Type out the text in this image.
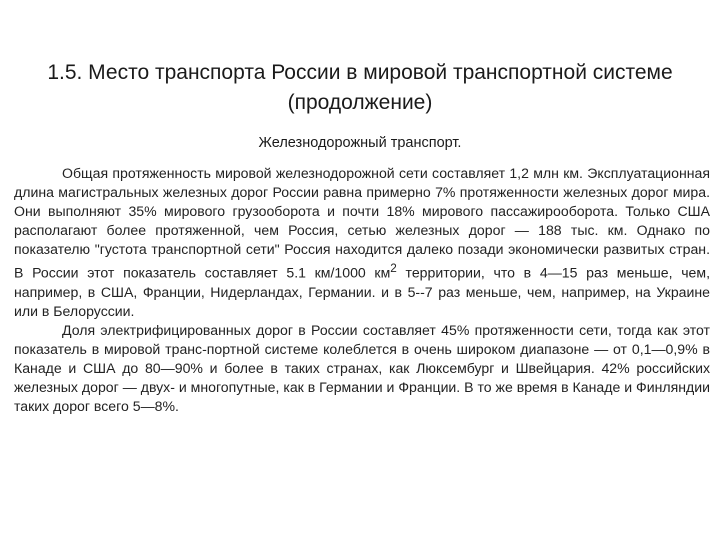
1.5. Место транспорта России в мировой транспортной системе
(продолжение)

Железнодорожный транспорт.

Общая протяженность мировой железнодорожной сети составляет 1,2 млн км. Эксплуатационная длина магистральных железных дорог России равна примерно 7% протяженности железных дорог мира. Они выполняют 35% мирового грузооборота и почти 18% мирового пассажирооборота. Только США располагают более протяженной, чем Россия, сетью железных дорог — 188 тыс. км. Однако по показателю "густота транспортной сети" Россия находится далеко позади экономически развитых стран. В России этот показатель составляет 5.1 км/1000 $км^2$ территории, что в 4—15 раз меньше, чем, например, в США, Франции, Нидерландах, Германии. и в 5--7 раз меньше, чем, например, на Украине или в Белоруссии.

Доля электрифицированных дорог в России составляет 45% протяженности сети, тогда как этот показатель в мировой транс-портной системе колеблется в очень широком диапазоне — от 0,1—0,9% в Канаде и США до 80—90% и более в таких странах, как Люксембург и Швейцария. 42% российских железных дорог — двух- и многопутные, как в Германии и Франции. В то же время в Канаде и Финляндии таких дорог всего 5—8%.
